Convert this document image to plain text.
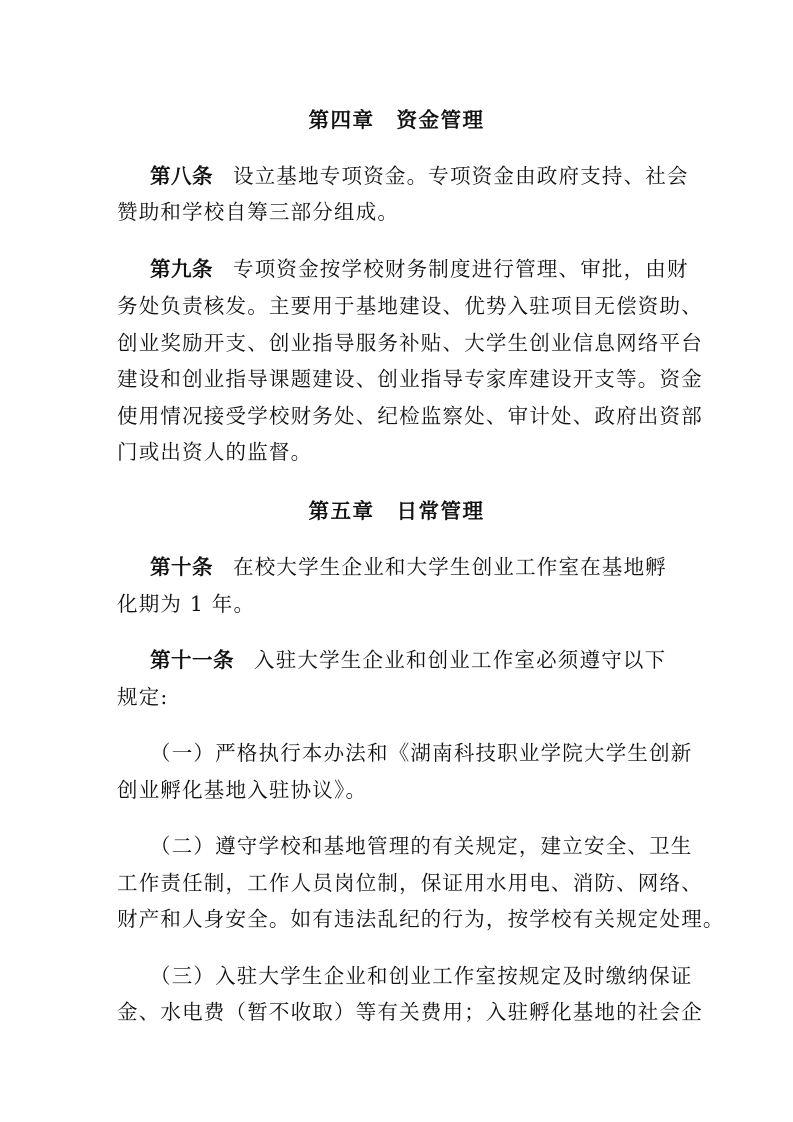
第四章 资金管理
第八条 设立基地专项资金。专项资金由政府支持、社会
赞助和学校自筹三部分组成。
第九条 专项资金按学校财务制度进行管理、审批，由财
务处负责核发。主要用于基地建设、优势入驻项目无偿资助、
创业奖励开支、创业指导服务补贴、大学生创业信息网络平台
建设和创业指导课题建设、创业指导专家库建设开支等。资金
使用情况接受学校财务处、纪检监察处、审计处、政府出资部
门或出资人的监督。
第五章 日常管理
第十条 在校大学生企业和大学生创业工作室在基地孵
化期为 1 年。
第十一条 入驻大学生企业和创业工作室必须遵守以下
规定:
（一）严格执行本办法和《湖南科技职业学院大学生创新
创业孵化基地入驻协议》。
（二）遵守学校和基地管理的有关规定，建立安全、卫生
工作责任制，工作人员岗位制，保证用水用电、消防、网络、
财产和人身安全。如有违法乱纪的行为，按学校有关规定处理。
（三）入驻大学生企业和创业工作室按规定及时缴纳保证
金、水电费（暂不收取）等有关费用；入驻孵化基地的社会企
